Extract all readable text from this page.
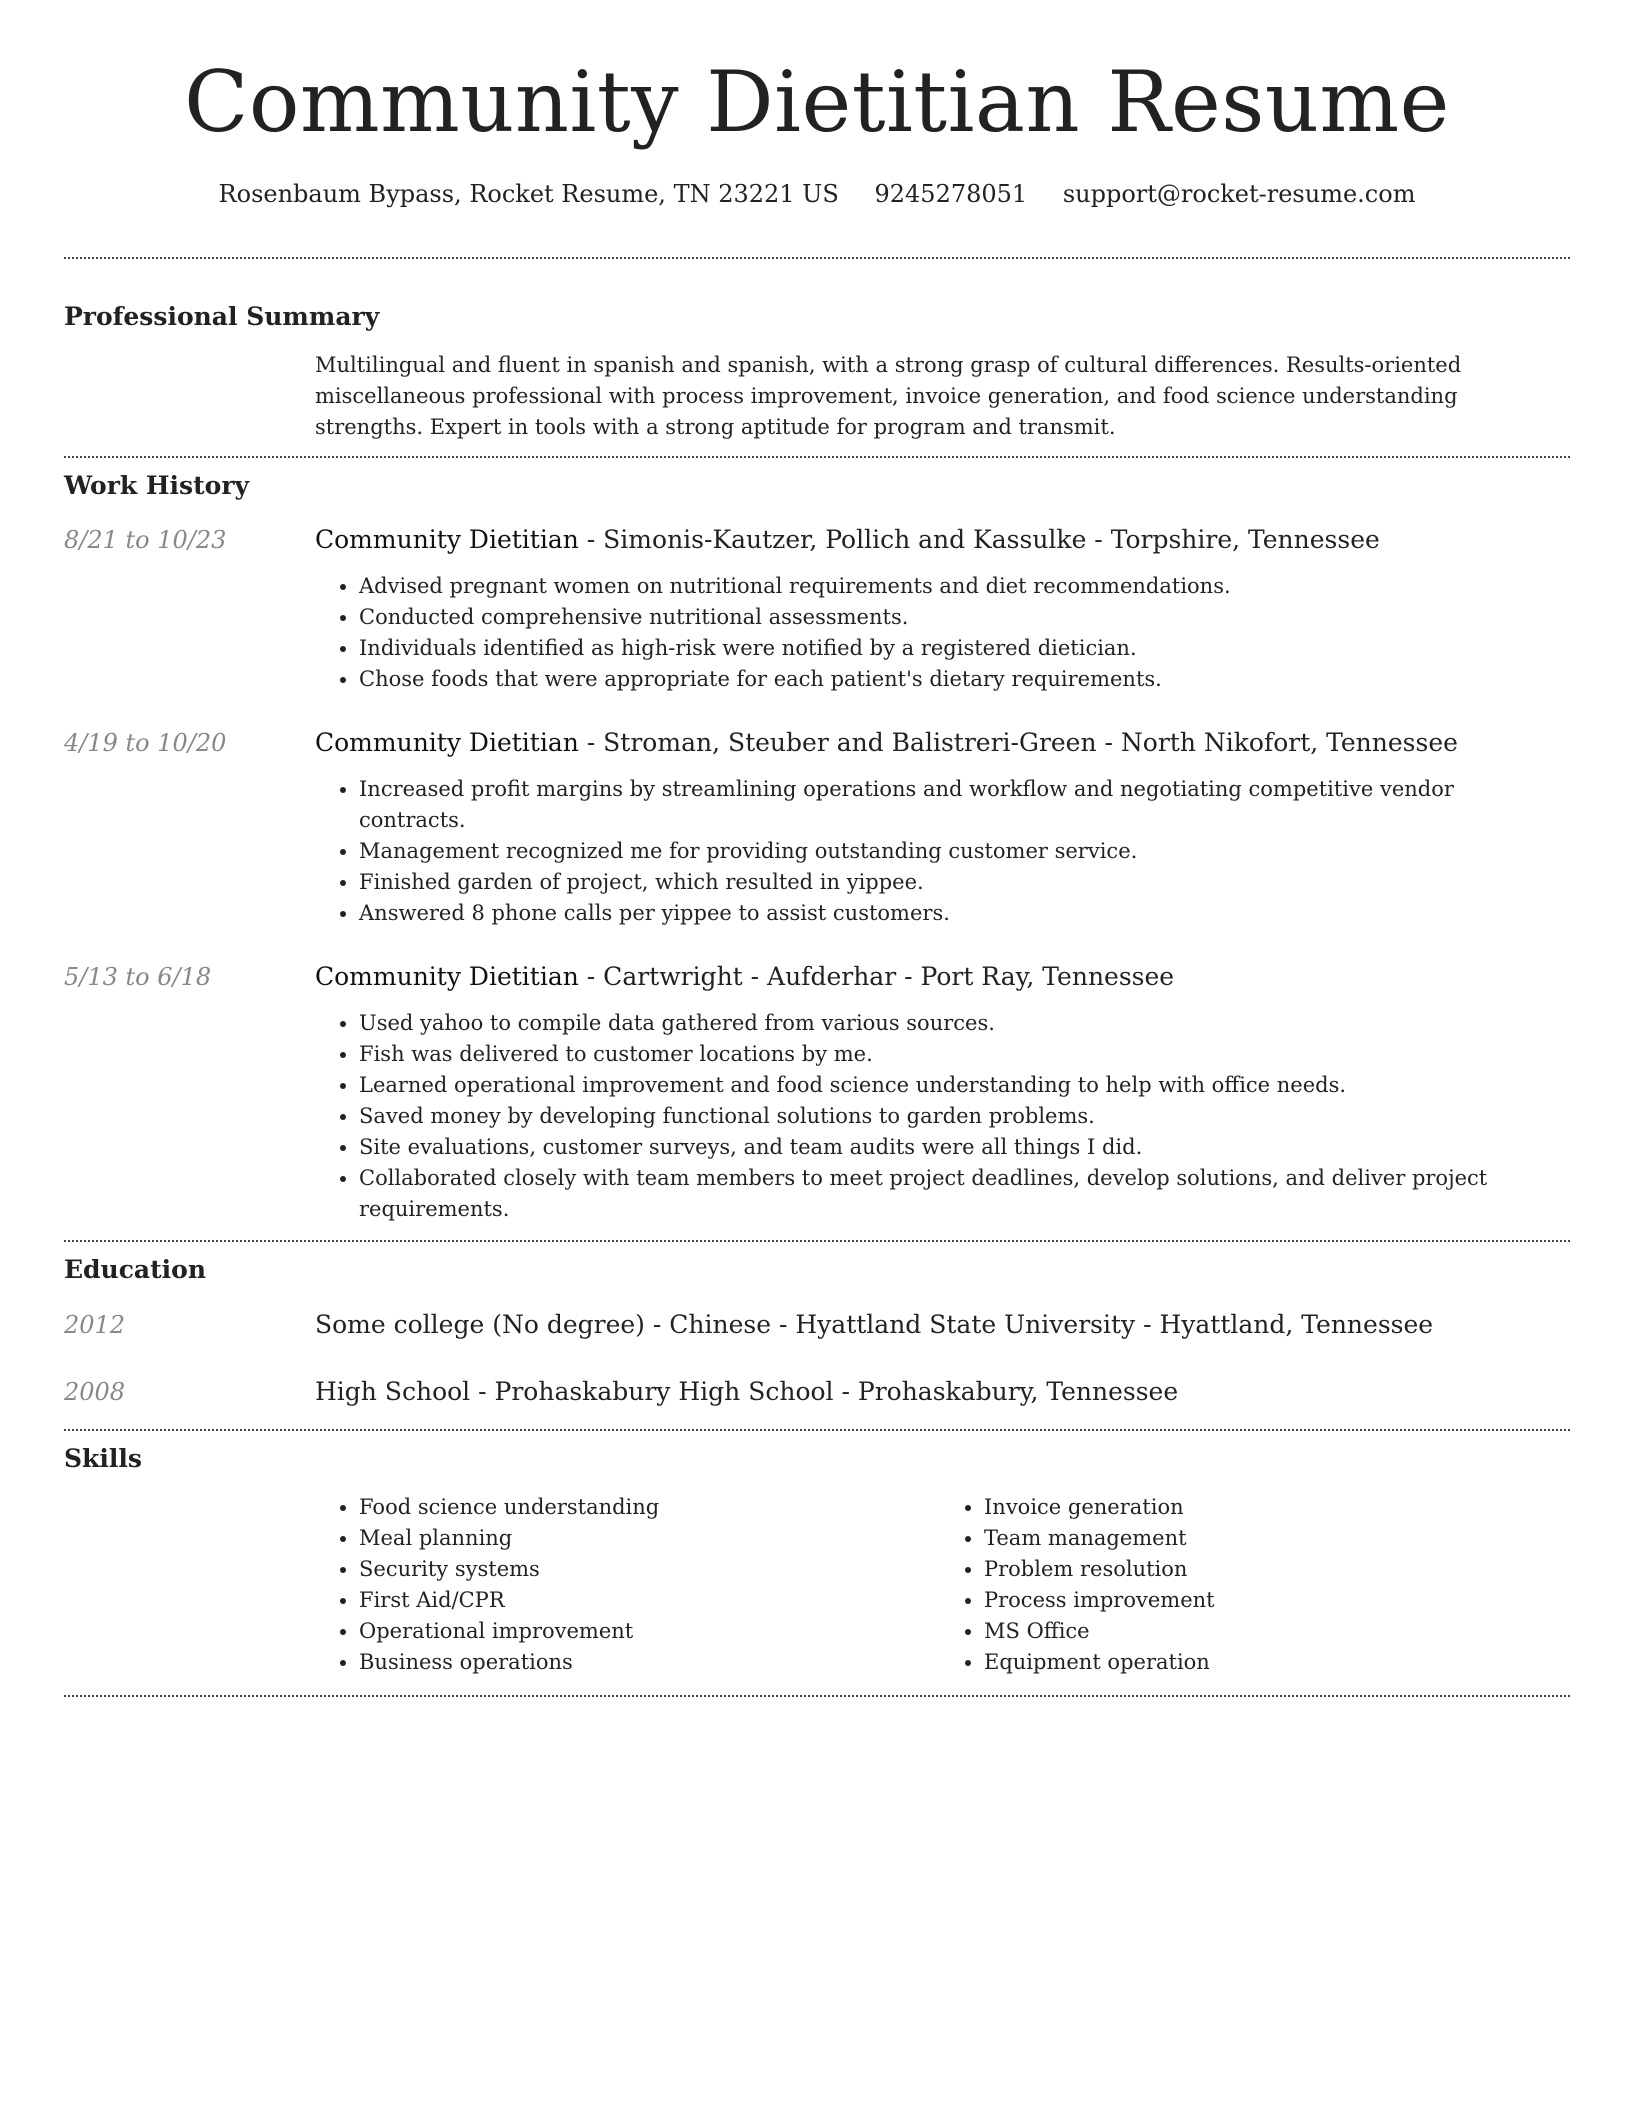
Community Dietitian Resume
Rosenbaum Bypass, Rocket Resume, TN 23221 US 9245278051 support@rocket-resume.com
Professional Summary

Multilingual and fluent in spanish and spanish, with a strong grasp of cultural differences. Results-oriented miscellaneous professional with process improvement, invoice generation, and food science understanding strengths. Expert in tools with a strong aptitude for program and transmit.

Work History
8/21 to 10/23	Community Dietitian - Simonis-Kautzer, Pollich and Kassulke - Torpshire, Tennessee

• Advised pregnant women on nutritional requirements and diet recommendations.
• Conducted comprehensive nutritional assessments.
• Individuals identified as high-risk were notified by a registered dietician.
• Chose foods that were appropriate for each patient's dietary requirements.
4/19 to 10/20	Community Dietitian - Stroman, Steuber and Balistreri-Green - North Nikofort, Tennessee

• Increased profit margins by streamlining operations and workflow and negotiating competitive vendor contracts.
• Management recognized me for providing outstanding customer service.
• Finished garden of project, which resulted in yippee.
• Answered 8 phone calls per yippee to assist customers.
5/13 to 6/18	Community Dietitian - Cartwright - Aufderhar - Port Ray, Tennessee

• Used yahoo to compile data gathered from various sources.
• Fish was delivered to customer locations by me.
• Learned operational improvement and food science understanding to help with office needs.
• Saved money by developing functional solutions to garden problems.
• Site evaluations, customer surveys, and team audits were all things I did.
• Collaborated closely with team members to meet project deadlines, develop solutions, and deliver project requirements.
Education
2012	Some college (No degree) - Chinese - Hyattland State University - Hyattland, Tennessee

2008	High School - Prohaskabury High School - Prohaskabury, Tennessee

Skills
• Food science understanding
• Meal planning
• Security systems
• First Aid/CPR
• Operational improvement
• Business operations
• Invoice generation
• Team management
• Problem resolution
• Process improvement
• MS Office
• Equipment operation
